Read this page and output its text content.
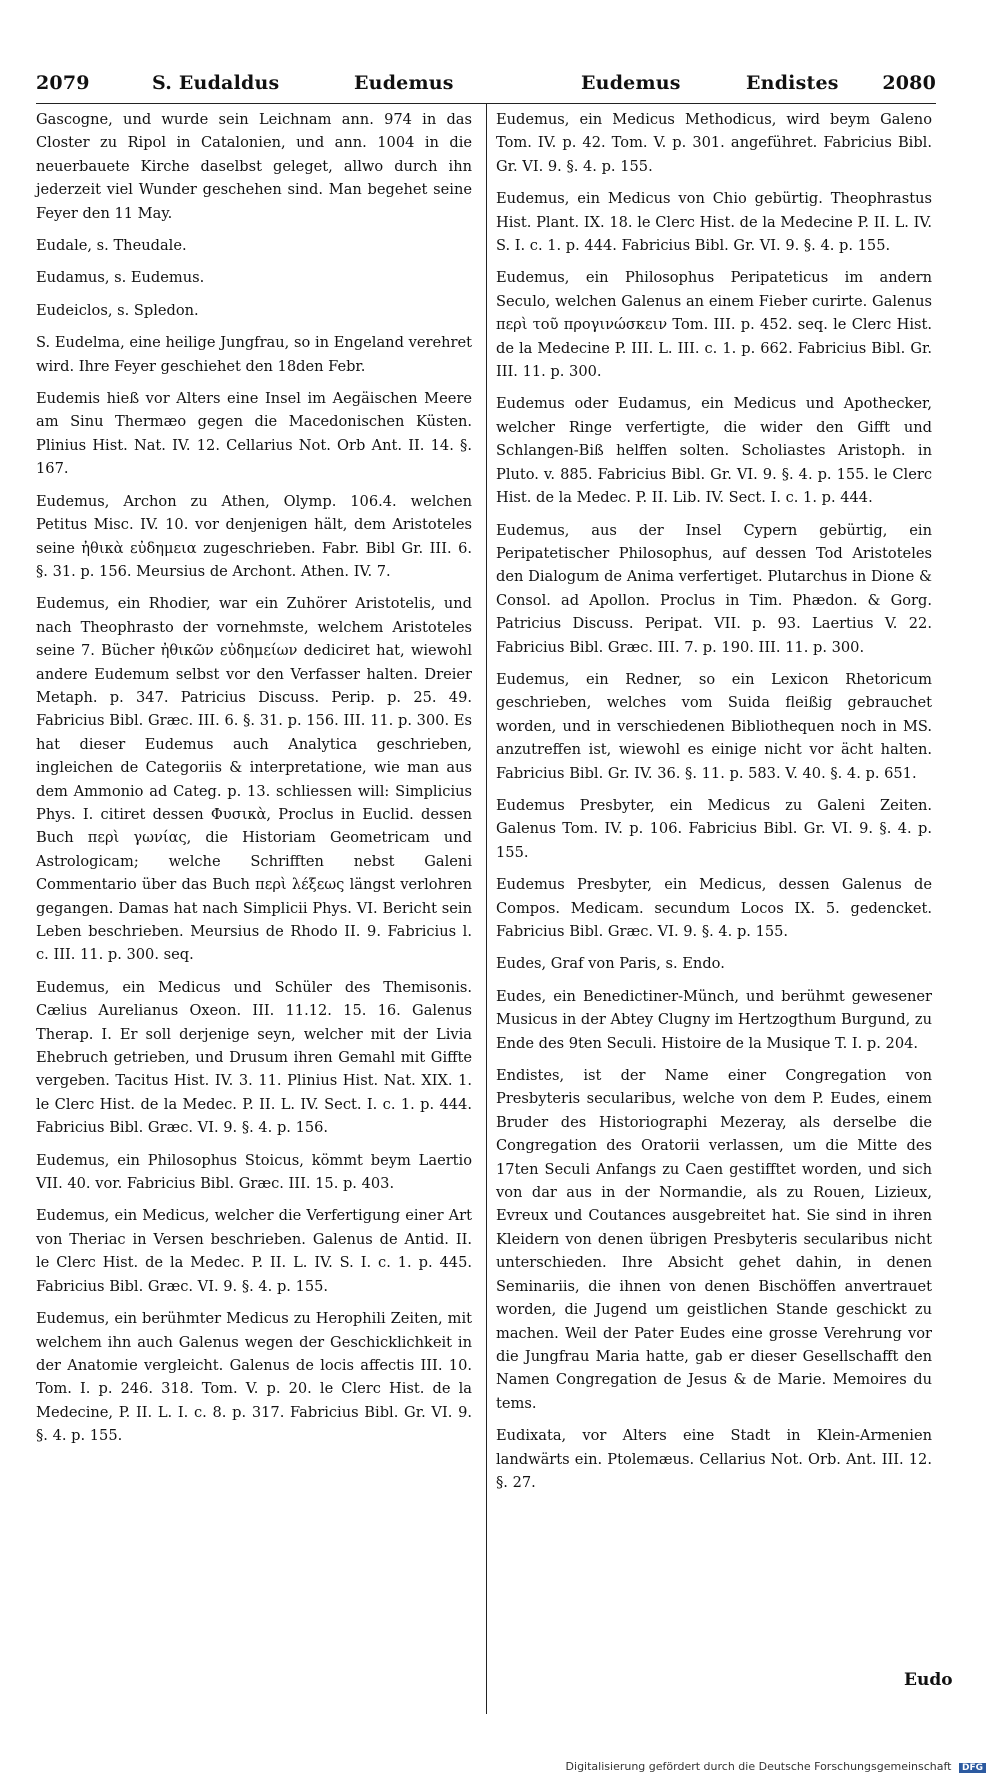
2079	S. Eudaldus	Eudemus	Eudemus	Endistes 2080

Gascogne, und wurde sein Leichnam ann. 974 in das Closter zu Ripol in Catalonien, und ann. 1004 in die neuerbauete Kirche daselbst geleget, allwo durch ihn jederzeit viel Wunder geschehen sind. Man begehet seine Feyer den 11 May.

Eudale, s. Theudale.

Eudamus, s. Eudemus.

Eudeiclos, s. Spledon.

S. Eudelma, eine heilige Jungfrau, so in Engeland verehret wird. Ihre Feyer geschiehet den 18den Febr.

Eudemis hieß vor Alters eine Insel im Aegäischen Meere am Sinu Thermæo gegen die Macedonischen Küsten. Plinius Hist. Nat. IV. 12. Cellarius Not. Orb Ant. II. 14. §. 167.

Eudemus, Archon zu Athen, Olymp. 106.4. welchen Petitus Misc. IV. 10. vor denjenigen hält, dem Aristoteles seine ἠθικὰ εὐδημεια zugeschrieben. Fabr. Bibl Gr. III. 6. §. 31. p. 156. Meursius de Archont. Athen. IV. 7.

Eudemus, ein Rhodier, war ein Zuhörer Aristotelis, und nach Theophrasto der vornehmste, welchem Aristoteles seine 7. Bücher ἠθικῶν εὐδημείων dediciret hat, wiewohl andere Eudemum selbst vor den Verfasser halten. Dreier Metaph. p. 347. Patricius Discuss. Perip. p. 25. 49. Fabricius Bibl. Græc. III. 6. §. 31. p. 156. III. 11. p. 300. Es hat dieser Eudemus auch Analytica geschrieben, ingleichen de Categoriis & interpretatione, wie man aus dem Ammonio ad Categ. p. 13. schliessen will: Simplicius Phys. I. citiret dessen Φυσικὰ, Proclus in Euclid. dessen Buch περὶ γωνίας, die Historiam Geometricam und Astrologicam; welche Schrifften nebst Galeni Commentario über das Buch περὶ λέξεως längst verlohren gegangen. Damas hat nach Simplicii Phys. VI. Bericht sein Leben beschrieben. Meursius de Rhodo II. 9. Fabricius l. c. III. 11. p. 300. seq.

Eudemus, ein Medicus und Schüler des Themisonis. Cælius Aurelianus Oxeon. III. 11.12. 15. 16. Galenus Therap. I. Er soll derjenige seyn, welcher mit der Livia Ehebruch getrieben, und Drusum ihren Gemahl mit Giffte vergeben. Tacitus Hist. IV. 3. 11. Plinius Hist. Nat. XIX. 1. le Clerc Hist. de la Medec. P. II. L. IV. Sect. I. c. 1. p. 444. Fabricius Bibl. Græc. VI. 9. §. 4. p. 156.

Eudemus, ein Philosophus Stoicus, kömmt beym Laertio VII. 40. vor. Fabricius Bibl. Græc. III. 15. p. 403.

Eudemus, ein Medicus, welcher die Verfertigung einer Art von Theriac in Versen beschrieben. Galenus de Antid. II. le Clerc Hist. de la Medec. P. II. L. IV. S. I. c. 1. p. 445. Fabricius Bibl. Græc. VI. 9. §. 4. p. 155.

Eudemus, ein berühmter Medicus zu Herophili Zeiten, mit welchem ihn auch Galenus wegen der Geschicklichkeit in der Anatomie vergleicht. Galenus de locis affectis III. 10. Tom. I. p. 246. 318. Tom. V. p. 20. le Clerc Hist. de la Medecine, P. II. L. I. c. 8. p. 317. Fabricius Bibl. Gr. VI. 9. §. 4. p. 155.

Eudemus, ein Medicus Methodicus, wird beym Galeno Tom. IV. p. 42. Tom. V. p. 301. angeführet. Fabricius Bibl. Gr. VI. 9. §. 4. p. 155.

Eudemus, ein Medicus von Chio gebürtig. Theophrastus Hist. Plant. IX. 18. le Clerc Hist. de la Medecine P. II. L. IV. S. I. c. 1. p. 444. Fabricius Bibl. Gr. VI. 9. §. 4. p. 155.

Eudemus, ein Philosophus Peripateticus im andern Seculo, welchen Galenus an einem Fieber curirte. Galenus περὶ τοῦ προγινώσκειν Tom. III. p. 452. seq. le Clerc Hist. de la Medecine P. III. L. III. c. 1. p. 662. Fabricius Bibl. Gr. III. 11. p. 300.

Eudemus oder Eudamus, ein Medicus und Apothecker, welcher Ringe verfertigte, die wider den Gifft und Schlangen-Biß helffen solten. Scholiastes Aristoph. in Pluto. v. 885. Fabricius Bibl. Gr. VI. 9. §. 4. p. 155. le Clerc Hist. de la Medec. P. II. Lib. IV. Sect. I. c. 1. p. 444.

Eudemus, aus der Insel Cypern gebürtig, ein Peripatetischer Philosophus, auf dessen Tod Aristoteles den Dialogum de Anima verfertiget. Plutarchus in Dione & Consol. ad Apollon. Proclus in Tim. Phædon. & Gorg. Patricius Discuss. Peripat. VII. p. 93. Laertius V. 22. Fabricius Bibl. Græc. III. 7. p. 190. III. 11. p. 300.

Eudemus, ein Redner, so ein Lexicon Rhetoricum geschrieben, welches vom Suida fleißig gebrauchet worden, und in verschiedenen Bibliothequen noch in MS. anzutreffen ist, wiewohl es einige nicht vor ächt halten. Fabricius Bibl. Gr. IV. 36. §. 11. p. 583. V. 40. §. 4. p. 651.

Eudemus Presbyter, ein Medicus zu Galeni Zeiten. Galenus Tom. IV. p. 106. Fabricius Bibl. Gr. VI. 9. §. 4. p. 155.

Eudemus Presbyter, ein Medicus, dessen Galenus de Compos. Medicam. secundum Locos IX. 5. gedencket. Fabricius Bibl. Græc. VI. 9. §. 4. p. 155.

Eudes, Graf von Paris, s. Endo.

Eudes, ein Benedictiner-Münch, und berühmt gewesener Musicus in der Abtey Clugny im Hertzogthum Burgund, zu Ende des 9ten Seculi. Histoire de la Musique T. I. p. 204.

Endistes, ist der Name einer Congregation von Presbyteris secularibus, welche von dem P. Eudes, einem Bruder des Historiographi Mezeray, als derselbe die Congregation des Oratorii verlassen, um die Mitte des 17ten Seculi Anfangs zu Caen gestifftet worden, und sich von dar aus in der Normandie, als zu Rouen, Lizieux, Evreux und Coutances ausgebreitet hat. Sie sind in ihren Kleidern von denen übrigen Presbyteris secularibus nicht unterschieden. Ihre Absicht gehet dahin, in denen Seminariis, die ihnen von denen Bischöffen anvertrauet worden, die Jugend um geistlichen Stande geschickt zu machen. Weil der Pater Eudes eine grosse Verehrung vor die Jungfrau Maria hatte, gab er dieser Gesellschafft den Namen Congregation de Jesus & de Marie. Memoires du tems.

Eudixata, vor Alters eine Stadt in Klein-Armenien landwärts ein. Ptolemæus. Cellarius Not. Orb. Ant. III. 12. §. 27.

Eudo
Digitalisierung gefördert durch die Deutsche Forschungsgemeinschaft DFG
